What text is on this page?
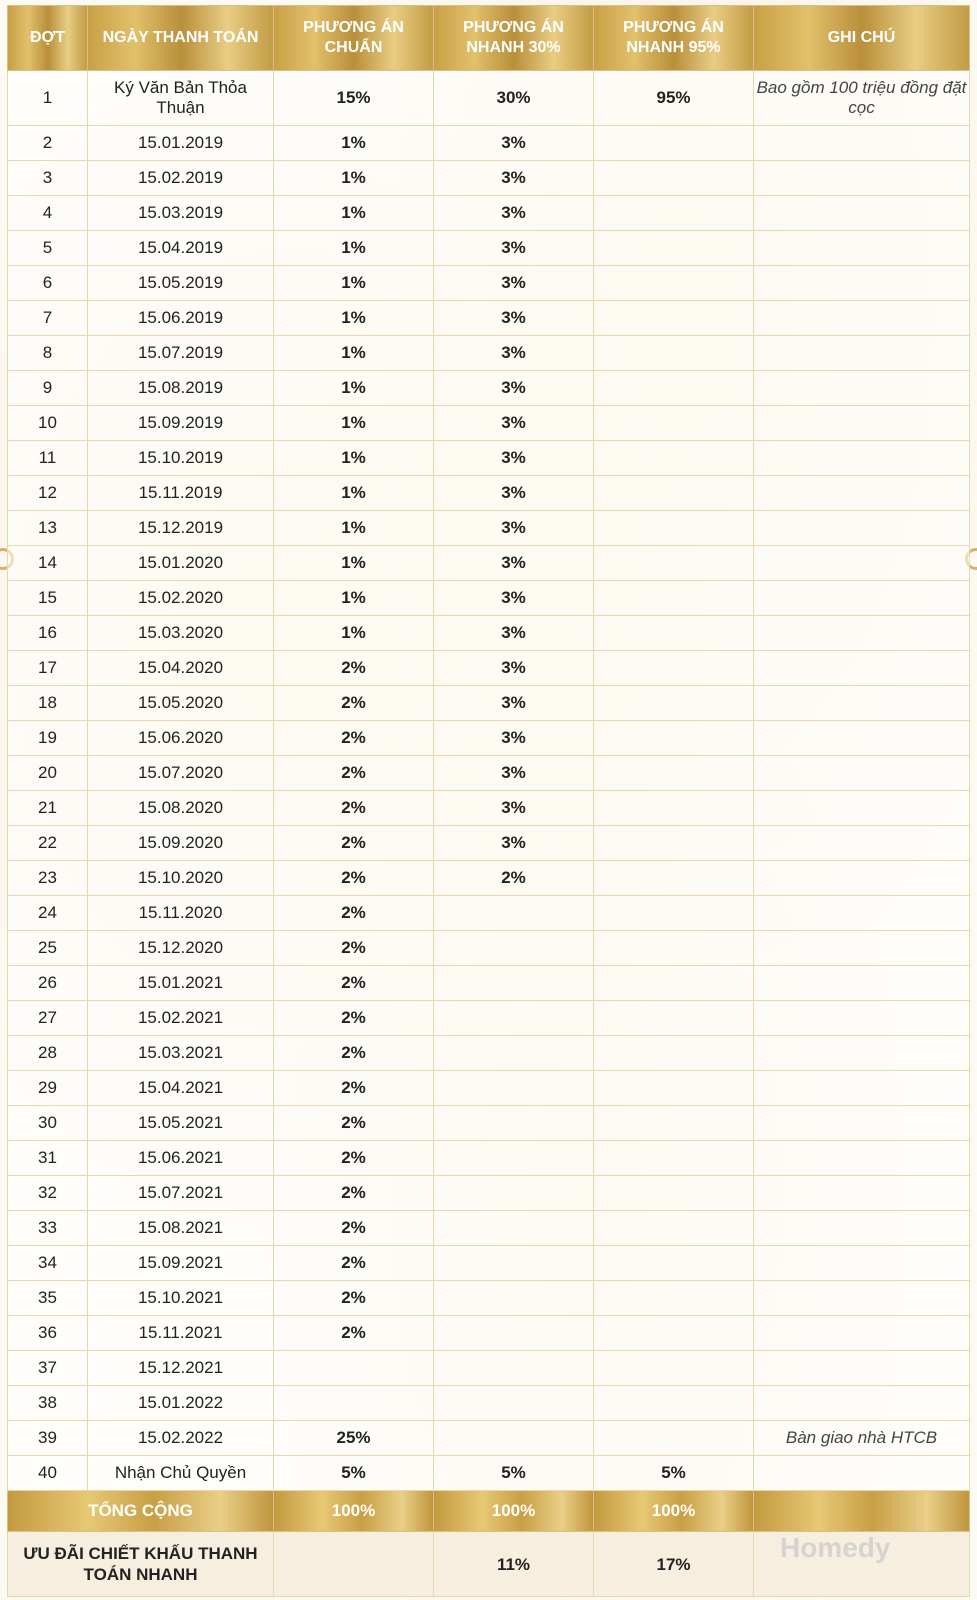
ĐỢT	NGÀY THANH TOÁN	PHƯƠNG ÁN CHUẨN	PHƯƠNG ÁN NHANH 30%	PHƯƠNG ÁN NHANH 95%	GHI CHÚ
1	Ký Văn Bản Thỏa Thuận	15%	30%	95%	Bao gồm 100 triệu đồng đặt cọc
2	15.01.2019	1%	3%		
3	15.02.2019	1%	3%		
4	15.03.2019	1%	3%		
5	15.04.2019	1%	3%		
6	15.05.2019	1%	3%		
7	15.06.2019	1%	3%		
8	15.07.2019	1%	3%		
9	15.08.2019	1%	3%		
10	15.09.2019	1%	3%		
11	15.10.2019	1%	3%		
12	15.11.2019	1%	3%		
13	15.12.2019	1%	3%		
14	15.01.2020	1%	3%		
15	15.02.2020	1%	3%		
16	15.03.2020	1%	3%		
17	15.04.2020	2%	3%		
18	15.05.2020	2%	3%		
19	15.06.2020	2%	3%		
20	15.07.2020	2%	3%		
21	15.08.2020	2%	3%		
22	15.09.2020	2%	3%		
23	15.10.2020	2%	2%		
24	15.11.2020	2%			
25	15.12.2020	2%			
26	15.01.2021	2%			
27	15.02.2021	2%			
28	15.03.2021	2%			
29	15.04.2021	2%			
30	15.05.2021	2%			
31	15.06.2021	2%			
32	15.07.2021	2%			
33	15.08.2021	2%			
34	15.09.2021	2%			
35	15.10.2021	2%			
36	15.11.2021	2%			
37	15.12.2021				
38	15.01.2022				
39	15.02.2022	25%			Bàn giao nhà HTCB
40	Nhận Chủ Quyền	5%	5%	5%	
TỔNG CỘNG		100%	100%	100%	
ƯU ĐÃI CHIẾT KHẤU THANH TOÁN NHANH			11%	17%	
Homedy
